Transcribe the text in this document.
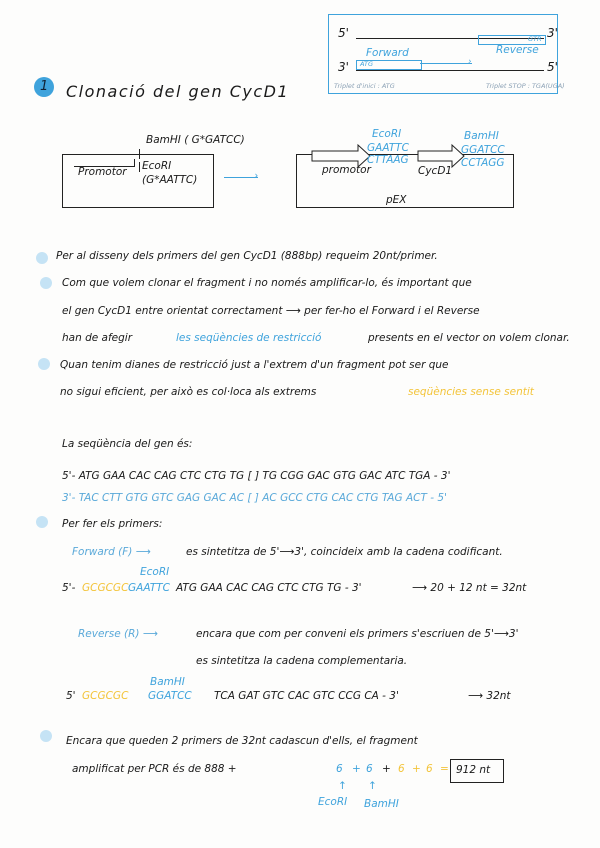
5'	3'
GTR
Forward	Reverse
›
3' ATG	5'
Triplet d'inici : ATG	Triplet STOP : TGA(UGA)
1 Clonació del gen CycD1
BamHI ( G*GATCC)
Promotor EcoRI
(G*AATTC)	›
EcoRI
GAATTC
CTTAAG
BamHI
GGATCC
CCTAGG
promotor	CycD1
pEX
Per al disseny dels primers del gen CycD1 (888bp) requeim 20nt/primer.
Com que volem clonar el fragment i no només amplificar-lo, és important que
el gen CycD1 entre orientat correctament ⟶ per fer-ho el Forward i el Reverse
han de afegir	les seqüències de restricció	presents en el vector on volem clonar.
Quan tenim dianes de restricció just a l'extrem d'un fragment pot ser que
no sigui eficient, per això es col·loca als extrems	seqüències sense sentit
La seqüència del gen és:
5'- ATG GAA CAC CAG CTC CTG TG [ ] TG CGG GAC GTG GAC ATC TGA - 3'
3'- TAC CTT GTG GTC GAG GAC AC [ ] AC GCC CTG CAC CTG TAG ACT - 5'
Per fer els primers:
Forward (F) ⟶	es sintetitza de 5'⟶3', coincideix amb la cadena codificant.
EcoRI
5'- GCGCGC GAATTC ATG GAA CAC CAG CTC CTG TG - 3'	⟶ 20 + 12 nt = 32nt
Reverse (R) ⟶	encara que com per conveni els primers s'escriuen de 5'⟶3'
es sintetitza la cadena complementaria.
BamHI
5' GCGCGC GGATCC TCA GAT GTC CAC GTC CCG CA - 3'	⟶ 32nt
Encara que queden 2 primers de 32nt cadascun d'ells, el fragment
amplificat per PCR és de 888 +	6 + 6 + 6 + 6 = 912 nt
↑ ↑
EcoRI BamHI
